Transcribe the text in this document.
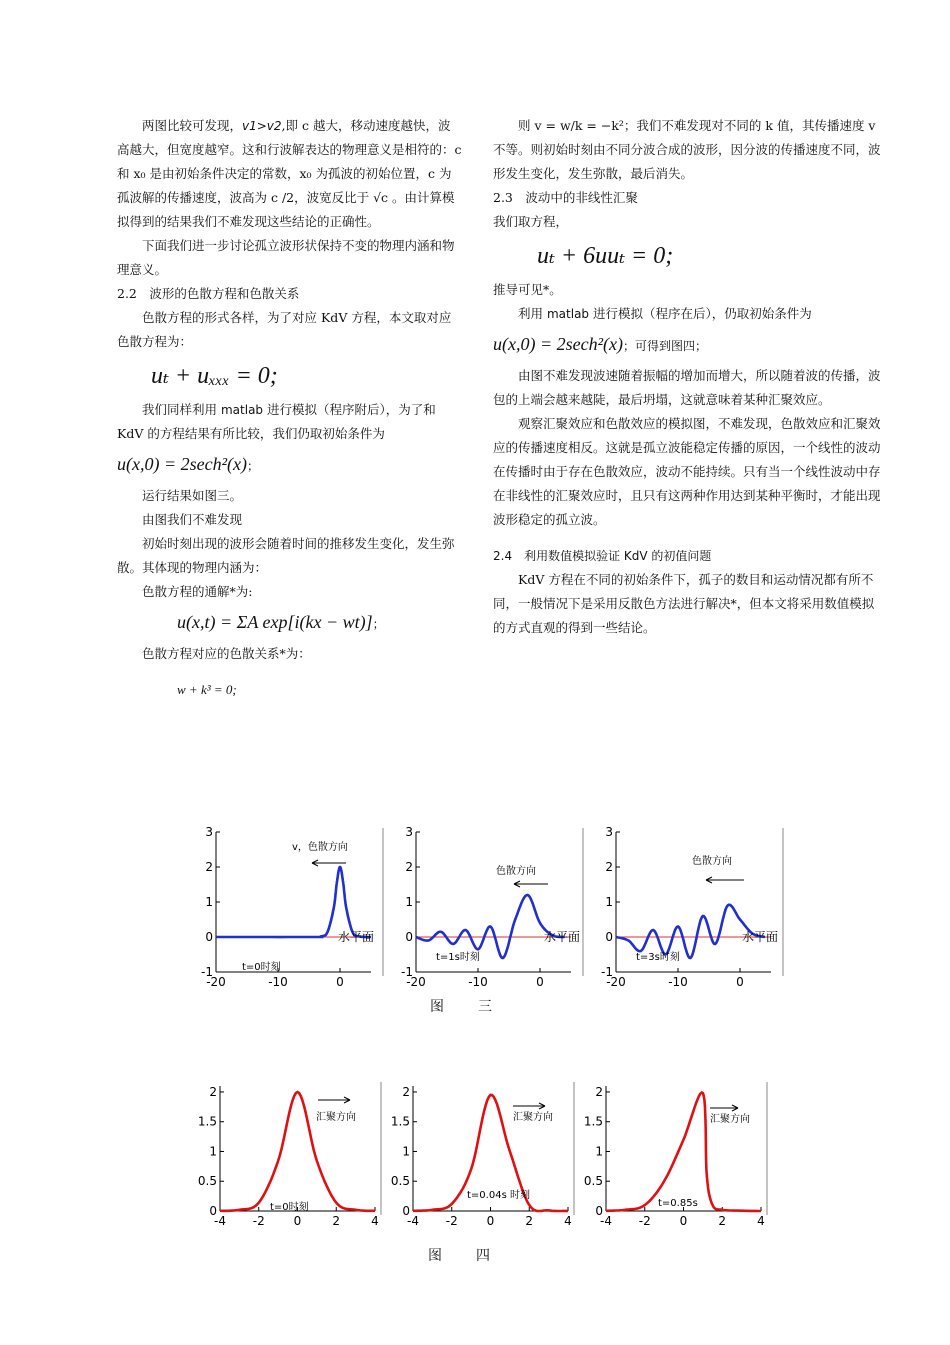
两图比较可发现，v1>v2,即 c 越大，移动速度越快，波高越大，但宽度越窄。这和行波解表达的物理意义是相符的：c 和 x₀ 是由初始条件决定的常数，x₀ 为孤波的初始位置，c 为孤波解的传播速度，波高为 c /2，波宽反比于 √c 。由计算模拟得到的结果我们不难发现这些结论的正确性。

下面我们进一步讨论孤立波形状保持不变的物理内涵和物理意义。

2.2　波形的色散方程和色散关系

色散方程的形式各样，为了对应 KdV 方程，本文取对应色散方程为：

uₜ + uₓₓₓ = 0;

我们同样利用 matlab 进行模拟（程序附后），为了和 KdV 的方程结果有所比较，我们仍取初始条件为

u(x,0) = 2sech²(x)；

运行结果如图三。

由图我们不难发现

初始时刻出现的波形会随着时间的推移发生变化，发生弥散。其体现的物理内涵为：

色散方程的通解*为:

u(x,t) = ΣA exp[i(kx − wt)]；

色散方程对应的色散关系*为：

w + k³ = 0;

则 v = w/k = −k²；我们不难发现对不同的 k 值，其传播速度 v 不等。则初始时刻由不同分波合成的波形，因分波的传播速度不同，波形发生变化，发生弥散，最后消失。

2.3　波动中的非线性汇聚

我们取方程，

uₜ + 6uuₜ = 0;

推导可见*。

利用 matlab 进行模拟（程序在后），仍取初始条件为

u(x,0) = 2sech²(x)；可得到图四；

由图不难发现波速随着振幅的增加而增大，所以随着波的传播，波包的上端会越来越陡，最后坍塌，这就意味着某种汇聚效应。

观察汇聚效应和色散效应的模拟图，不难发现，色散效应和汇聚效应的传播速度相反。这就是孤立波能稳定传播的原因，一个线性的波动在传播时由于存在色散效应，波动不能持续。只有当一个线性波动中存在非线性的汇聚效应时，且只有这两种作用达到某种平衡时，才能出现波形稳定的孤立波。

2.4　利用数值模拟验证 KdV 的初值问题

KdV 方程在不同的初始条件下，孤子的数目和运动情况都有所不同，一般情况下是采用反散色方法进行解决*，但本文将采用数值模拟的方式直观的得到一些结论。

3
2
1
0
-1
-20	-10	0
t=0时刻
v，色散方向
水平面
3
2
1
0
-1
-20	-10	0
t=1s时刻
色散方向
水平面
3
2
1
0
-1
-20	-10	0
t=3s时刻
色散方向
水平面
图　三
2
1.5
1
0.5
0
-4 -2 0	2	4
t=0时刻
汇聚方向
2
1.5
1
0.5
0
-4 -2 0	2	4
t=0.04s 时刻
汇聚方向
2
1.5
1
0.5
0
-4 -2 0	2	4
t=0.85s
汇聚方向
图　四
